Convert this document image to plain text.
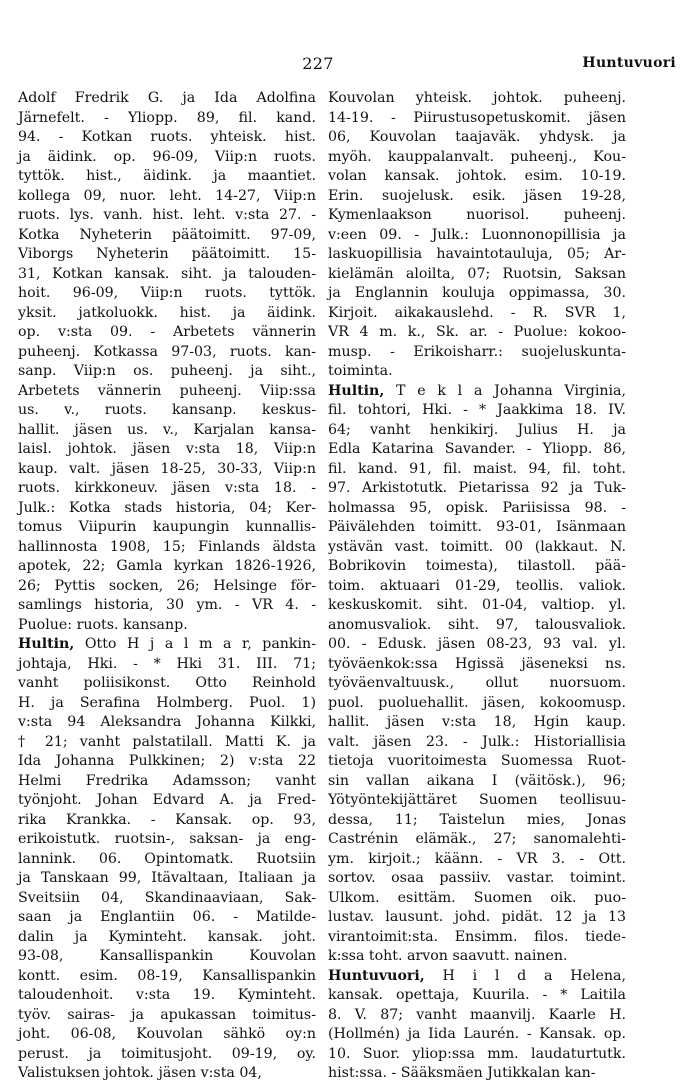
227	Huntuvuori
Adolf Fredrik G. ja Ida Adolfina
Järnefelt. - Yliopp. 89, fil. kand.
94. - Kotkan ruots. yhteisk. hist.
ja äidink. op. 96-09, Viip:n ruots.
tyttök. hist., äidink. ja maantiet.
kollega 09, nuor. leht. 14-27, Viip:n
ruots. lys. vanh. hist. leht. v:sta 27. -
Kotka Nyheterin päätoimitt. 97-09,
Viborgs Nyheterin päätoimitt. 15-
31, Kotkan kansak. siht. ja talouden-
hoit. 96-09, Viip:n ruots. tyttök.
yksit. jatkoluokk. hist. ja äidink.
op. v:sta 09. - Arbetets vännerin
puheenj. Kotkassa 97-03, ruots. kan-
sanp. Viip:n os. puheenj. ja siht.,
Arbetets vännerin puheenj. Viip:ssa
us. v., ruots. kansanp. keskus-
hallit. jäsen us. v., Karjalan kansa-
laisl. johtok. jäsen v:sta 18, Viip:n
kaup. valt. jäsen 18-25, 30-33, Viip:n
ruots. kirkkoneuv. jäsen v:sta 18. -
Julk.: Kotka stads historia, 04; Ker-
tomus Viipurin kaupungin kunnallis-
hallinnosta 1908, 15; Finlands äldsta
apotek, 22; Gamla kyrkan 1826-1926,
26; Pyttis socken, 26; Helsinge för-
samlings historia, 30 ym. - VR 4. -
Puolue: ruots. kansanp.
Hultin, Otto H j a l m a r, pankin-
johtaja, Hki. - * Hki 31. III. 71;
vanht poliisikonst. Otto Reinhold
H. ja Serafina Holmberg. Puol. 1)
v:sta 94 Aleksandra Johanna Kilkki,
† 21; vanht palstatilall. Matti K. ja
Ida Johanna Pulkkinen; 2) v:sta 22
Helmi Fredrika Adamsson; vanht
työnjoht. Johan Edvard A. ja Fred-
rika Krankka. - Kansak. op. 93,
erikoistutk. ruotsin-, saksan- ja eng-
lannink. 06. Opintomatk. Ruotsiin
ja Tanskaan 99, Itävaltaan, Italiaan ja
Sveitsiin 04, Skandinaaviaan, Sak-
saan ja Englantiin 06. - Matilde-
dalin ja Kyminteht. kansak. joht.
93-08, Kansallispankin Kouvolan
kontt. esim. 08-19, Kansallispankin
taloudenhoit. v:sta 19. Kyminteht.
työv. sairas- ja apukassan toimitus-
joht. 06-08, Kouvolan sähkö oy:n
perust. ja toimitusjoht. 09-19, oy.
Valistuksen johtok. jäsen v:sta 04,
Kouvolan yhteisk. johtok. puheenj.
14-19. - Piirustusopetuskomit. jäsen
06, Kouvolan taajaväk. yhdysk. ja
myöh. kauppalanvalt. puheenj., Kou-
volan kansak. johtok. esim. 10-19.
Erin. suojelusk. esik. jäsen 19-28,
Kymenlaakson nuorisol. puheenj.
v:een 09. - Julk.: Luonnonopillisia ja
laskuopillisia havaintotauluja, 05; Ar-
kielämän aloilta, 07; Ruotsin, Saksan
ja Englannin kouluja oppimassa, 30.
Kirjoit. aikakauslehd. - R. SVR 1,
VR 4 m. k., Sk. ar. - Puolue: kokoo-
musp. - Erikoisharr.: suojeluskunta-
toiminta.
Hultin, T e k l a Johanna Virginia,
fil. tohtori, Hki. - * Jaakkima 18. IV.
64; vanht henkikirj. Julius H. ja
Edla Katarina Savander. - Yliopp. 86,
fil. kand. 91, fil. maist. 94, fil. toht.
97. Arkistotutk. Pietarissa 92 ja Tuk-
holmassa 95, opisk. Pariisissa 98. -
Päivälehden toimitt. 93-01, Isänmaan
ystävän vast. toimitt. 00 (lakkaut. N.
Bobrikovin toimesta), tilastoll. pää-
toim. aktuaari 01-29, teollis. valiok.
keskuskomit. siht. 01-04, valtiop. yl.
anomusvaliok. siht. 97, talousvaliok.
00. - Edusk. jäsen 08-23, 93 val. yl.
työväenkok:ssa Hgissä jäseneksi ns.
työväenvaltuusk., ollut nuorsuom.
puol. puoluehallit. jäsen, kokoomusp.
hallit. jäsen v:sta 18, Hgin kaup.
valt. jäsen 23. - Julk.: Historiallisia
tietoja vuoritoimesta Suomessa Ruot-
sin vallan aikana I (väitösk.), 96;
Yötyöntekijättäret Suomen teollisuu-
dessa, 11; Taistelun mies, Jonas
Castrénin elämäk., 27; sanomalehti-
ym. kirjoit.; käänn. - VR 3. - Ott.
sortov. osaa passiiv. vastar. toimint.
Ulkom. esittäm. Suomen oik. puo-
lustav. lausunt. johd. pidät. 12 ja 13
virantoimit:sta. Ensimm. filos. tiede-
k:ssa toht. arvon saavutt. nainen.
Huntuvuori, H i l d a Helena,
kansak. opettaja, Kuurila. - * Laitila
8. V. 87; vanht maanvilj. Kaarle H.
(Hollmén) ja Iida Laurén. - Kansak. op.
10. Suor. yliop:ssa mm. laudaturtutk.
hist:ssa. - Sääksmäen Jutikkalan kan-
